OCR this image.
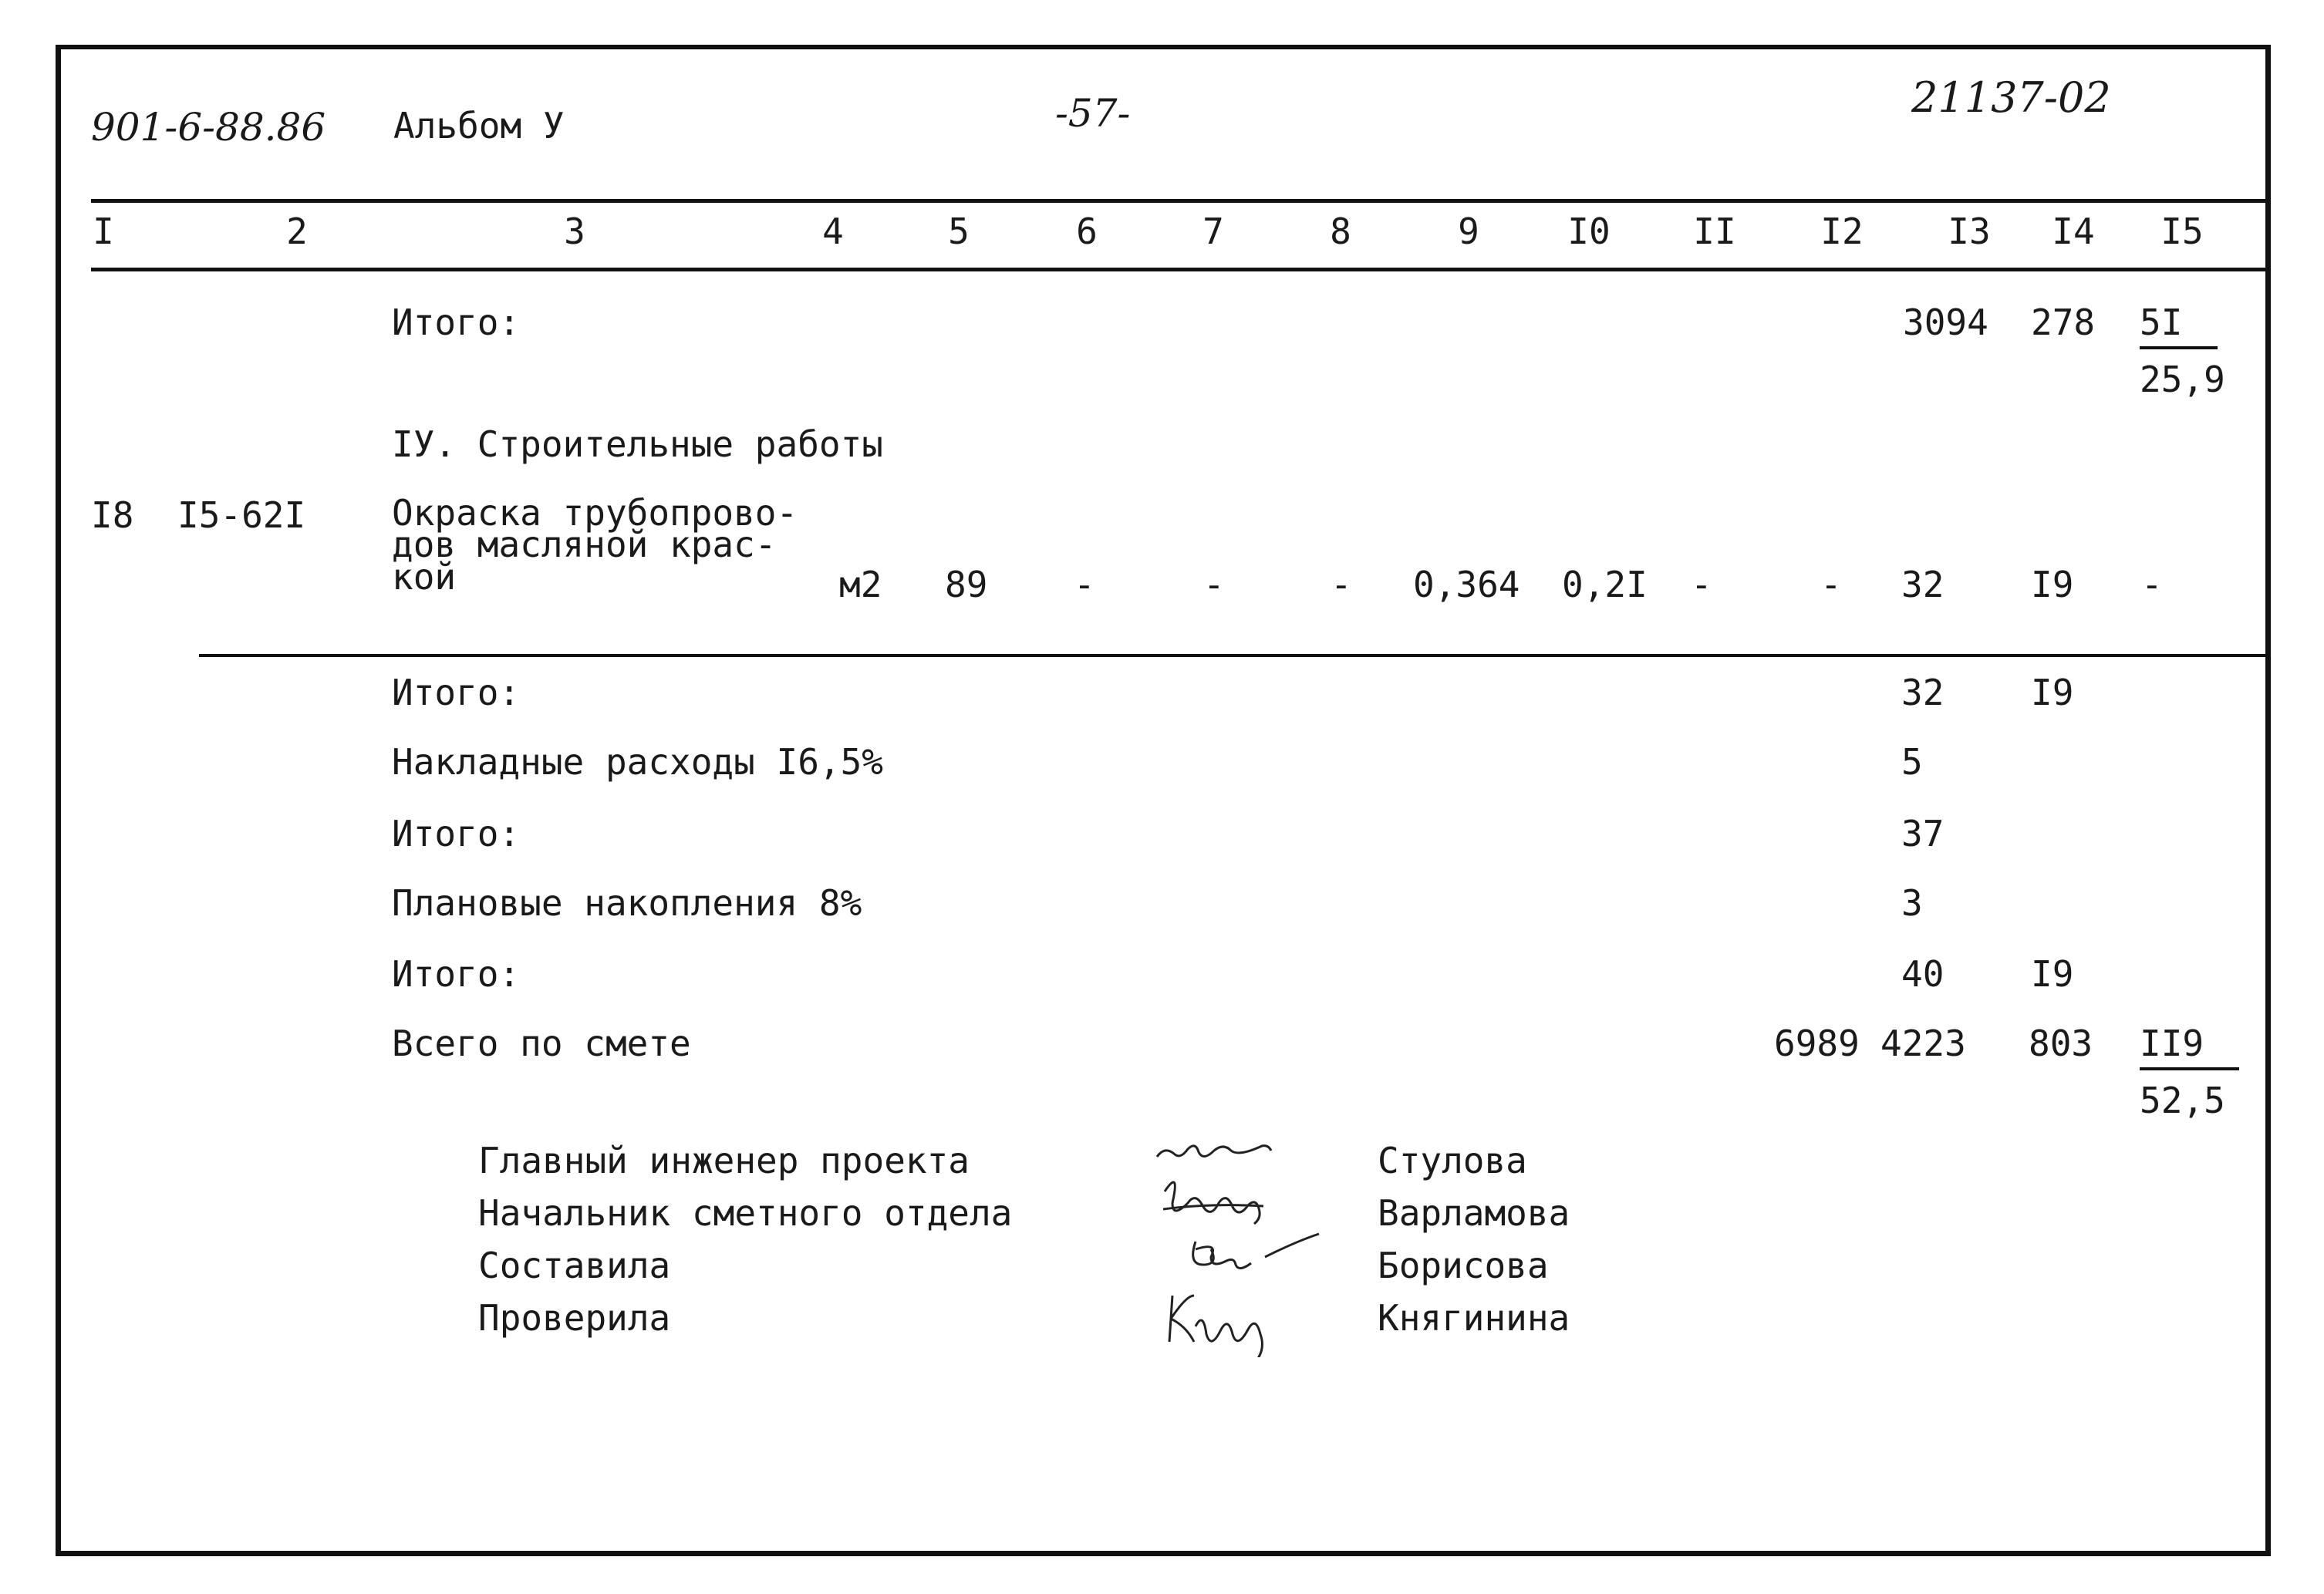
901-6-88.86 Альбом У	-57-	21137-02
I	2	3	4	5	6	7	8	9	I0	II	I2	I3	I4	I5
Итого:	3094 $278 \frac{5I}{25,9}$
IУ. Строительные работы
I8 I5-62I Окраска трубопрово-
дов масляной крас-
кой	м2 89 -	-	- 0,364 0,2I -	- 32 I9 -
Итого:	32 I9
Накладные расходы I6,5%	5
Итого:	37
Плановые накопления 8%	3
Итого:	40 I9
Всего по смете	6989 4223 $803 \frac{II9}{52,5}$
Главный инженер проекта
Начальник сметного отдела
Составила
Проверила
Стулова
Варламова
Борисова
Княгинина
